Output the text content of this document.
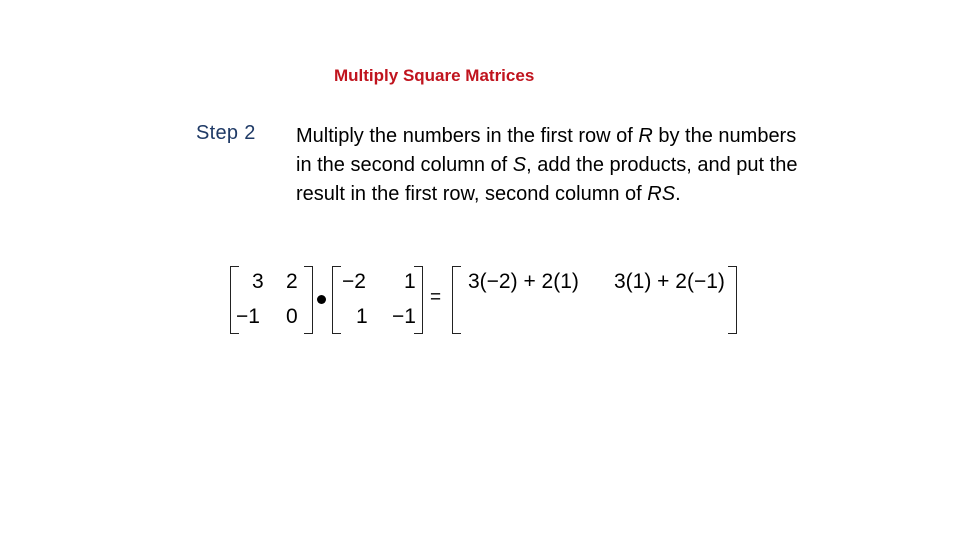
Multiply Square Matrices
Step 2 Multiply the numbers in the first row of R by the numbers in the second column of S, add the products, and put the result in the first row, second column of RS.
3 2
−1 0
−2 1
1 −1
=
3(−2) + 2(1) 3(1) + 2(−1)
